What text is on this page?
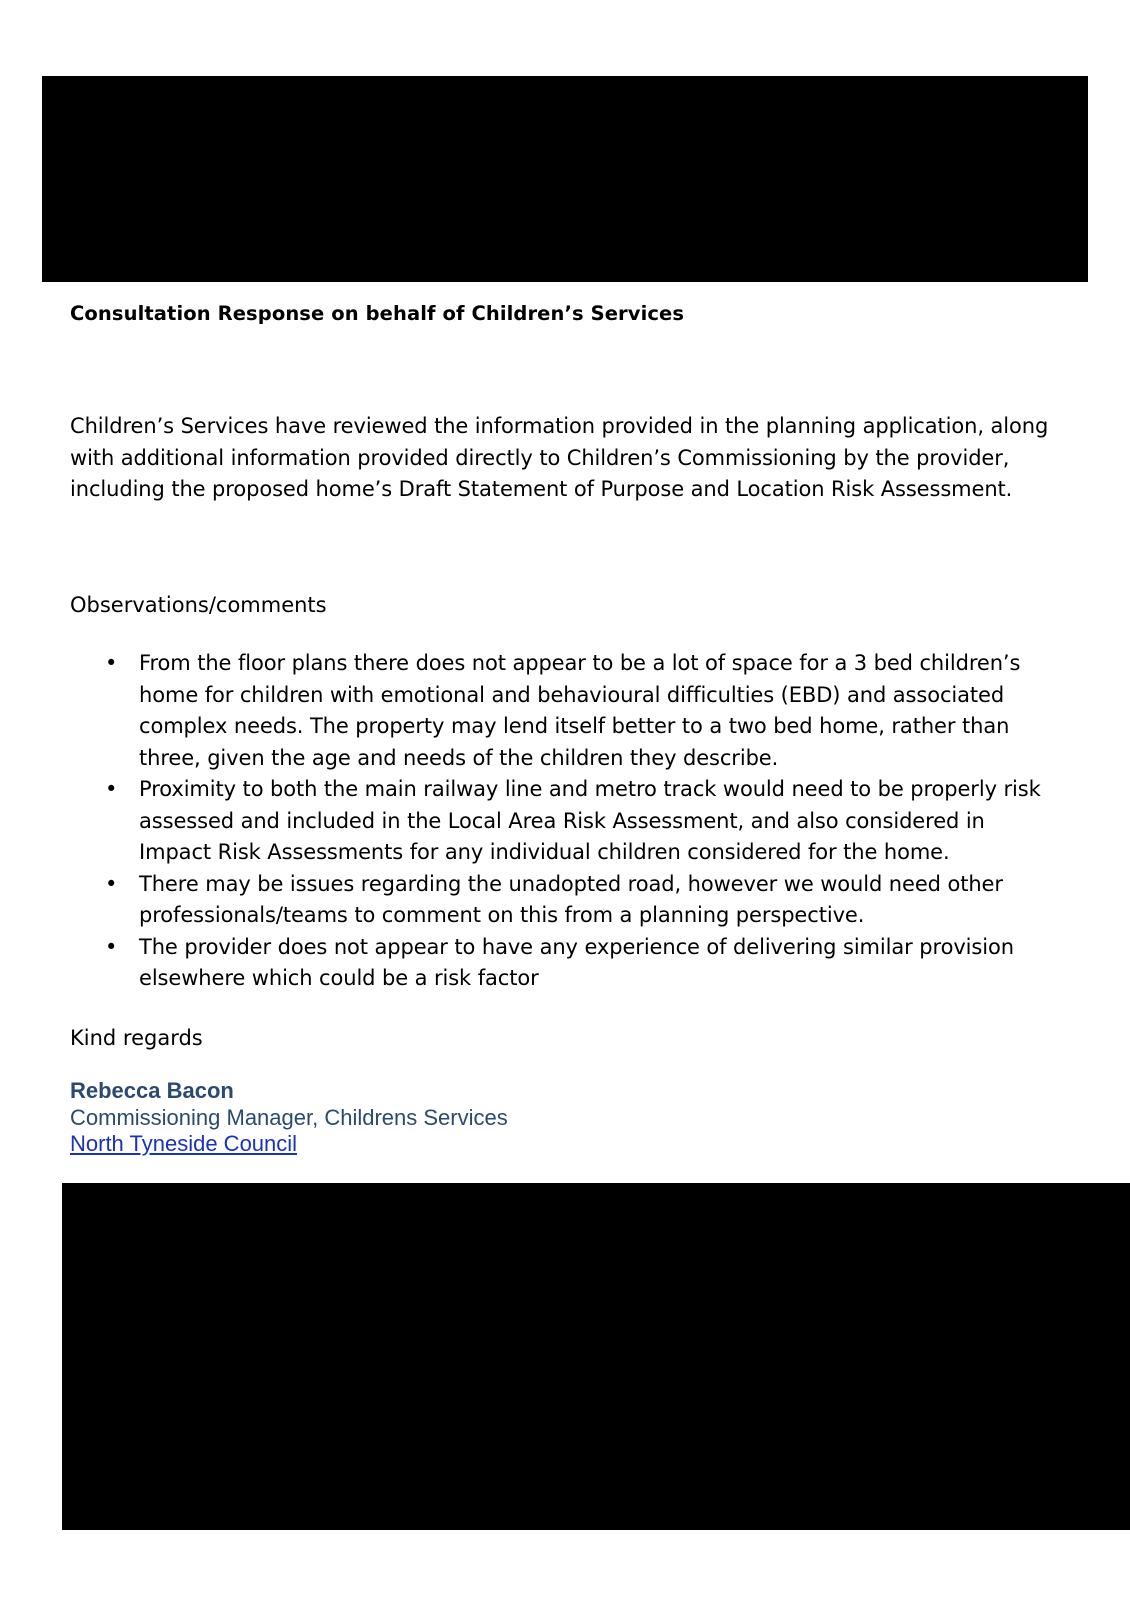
Consultation Response on behalf of Children’s Services
Children’s Services have reviewed the information provided in the planning application, along with additional information provided directly to Children’s Commissioning by the provider, including the proposed home’s Draft Statement of Purpose and Location Risk Assessment.
Observations/comments
• From the floor plans there does not appear to be a lot of space for a 3 bed children’s home for children with emotional and behavioural difficulties (EBD) and associated complex needs. The property may lend itself better to a two bed home, rather than three, given the age and needs of the children they describe.
• Proximity to both the main railway line and metro track would need to be properly risk assessed and included in the Local Area Risk Assessment, and also considered in Impact Risk Assessments for any individual children considered for the home.
• There may be issues regarding the unadopted road, however we would need other professionals/teams to comment on this from a planning perspective.
• The provider does not appear to have any experience of delivering similar provision elsewhere which could be a risk factor
Kind regards
Rebecca Bacon
Commissioning Manager, Childrens Services
North Tyneside Council
